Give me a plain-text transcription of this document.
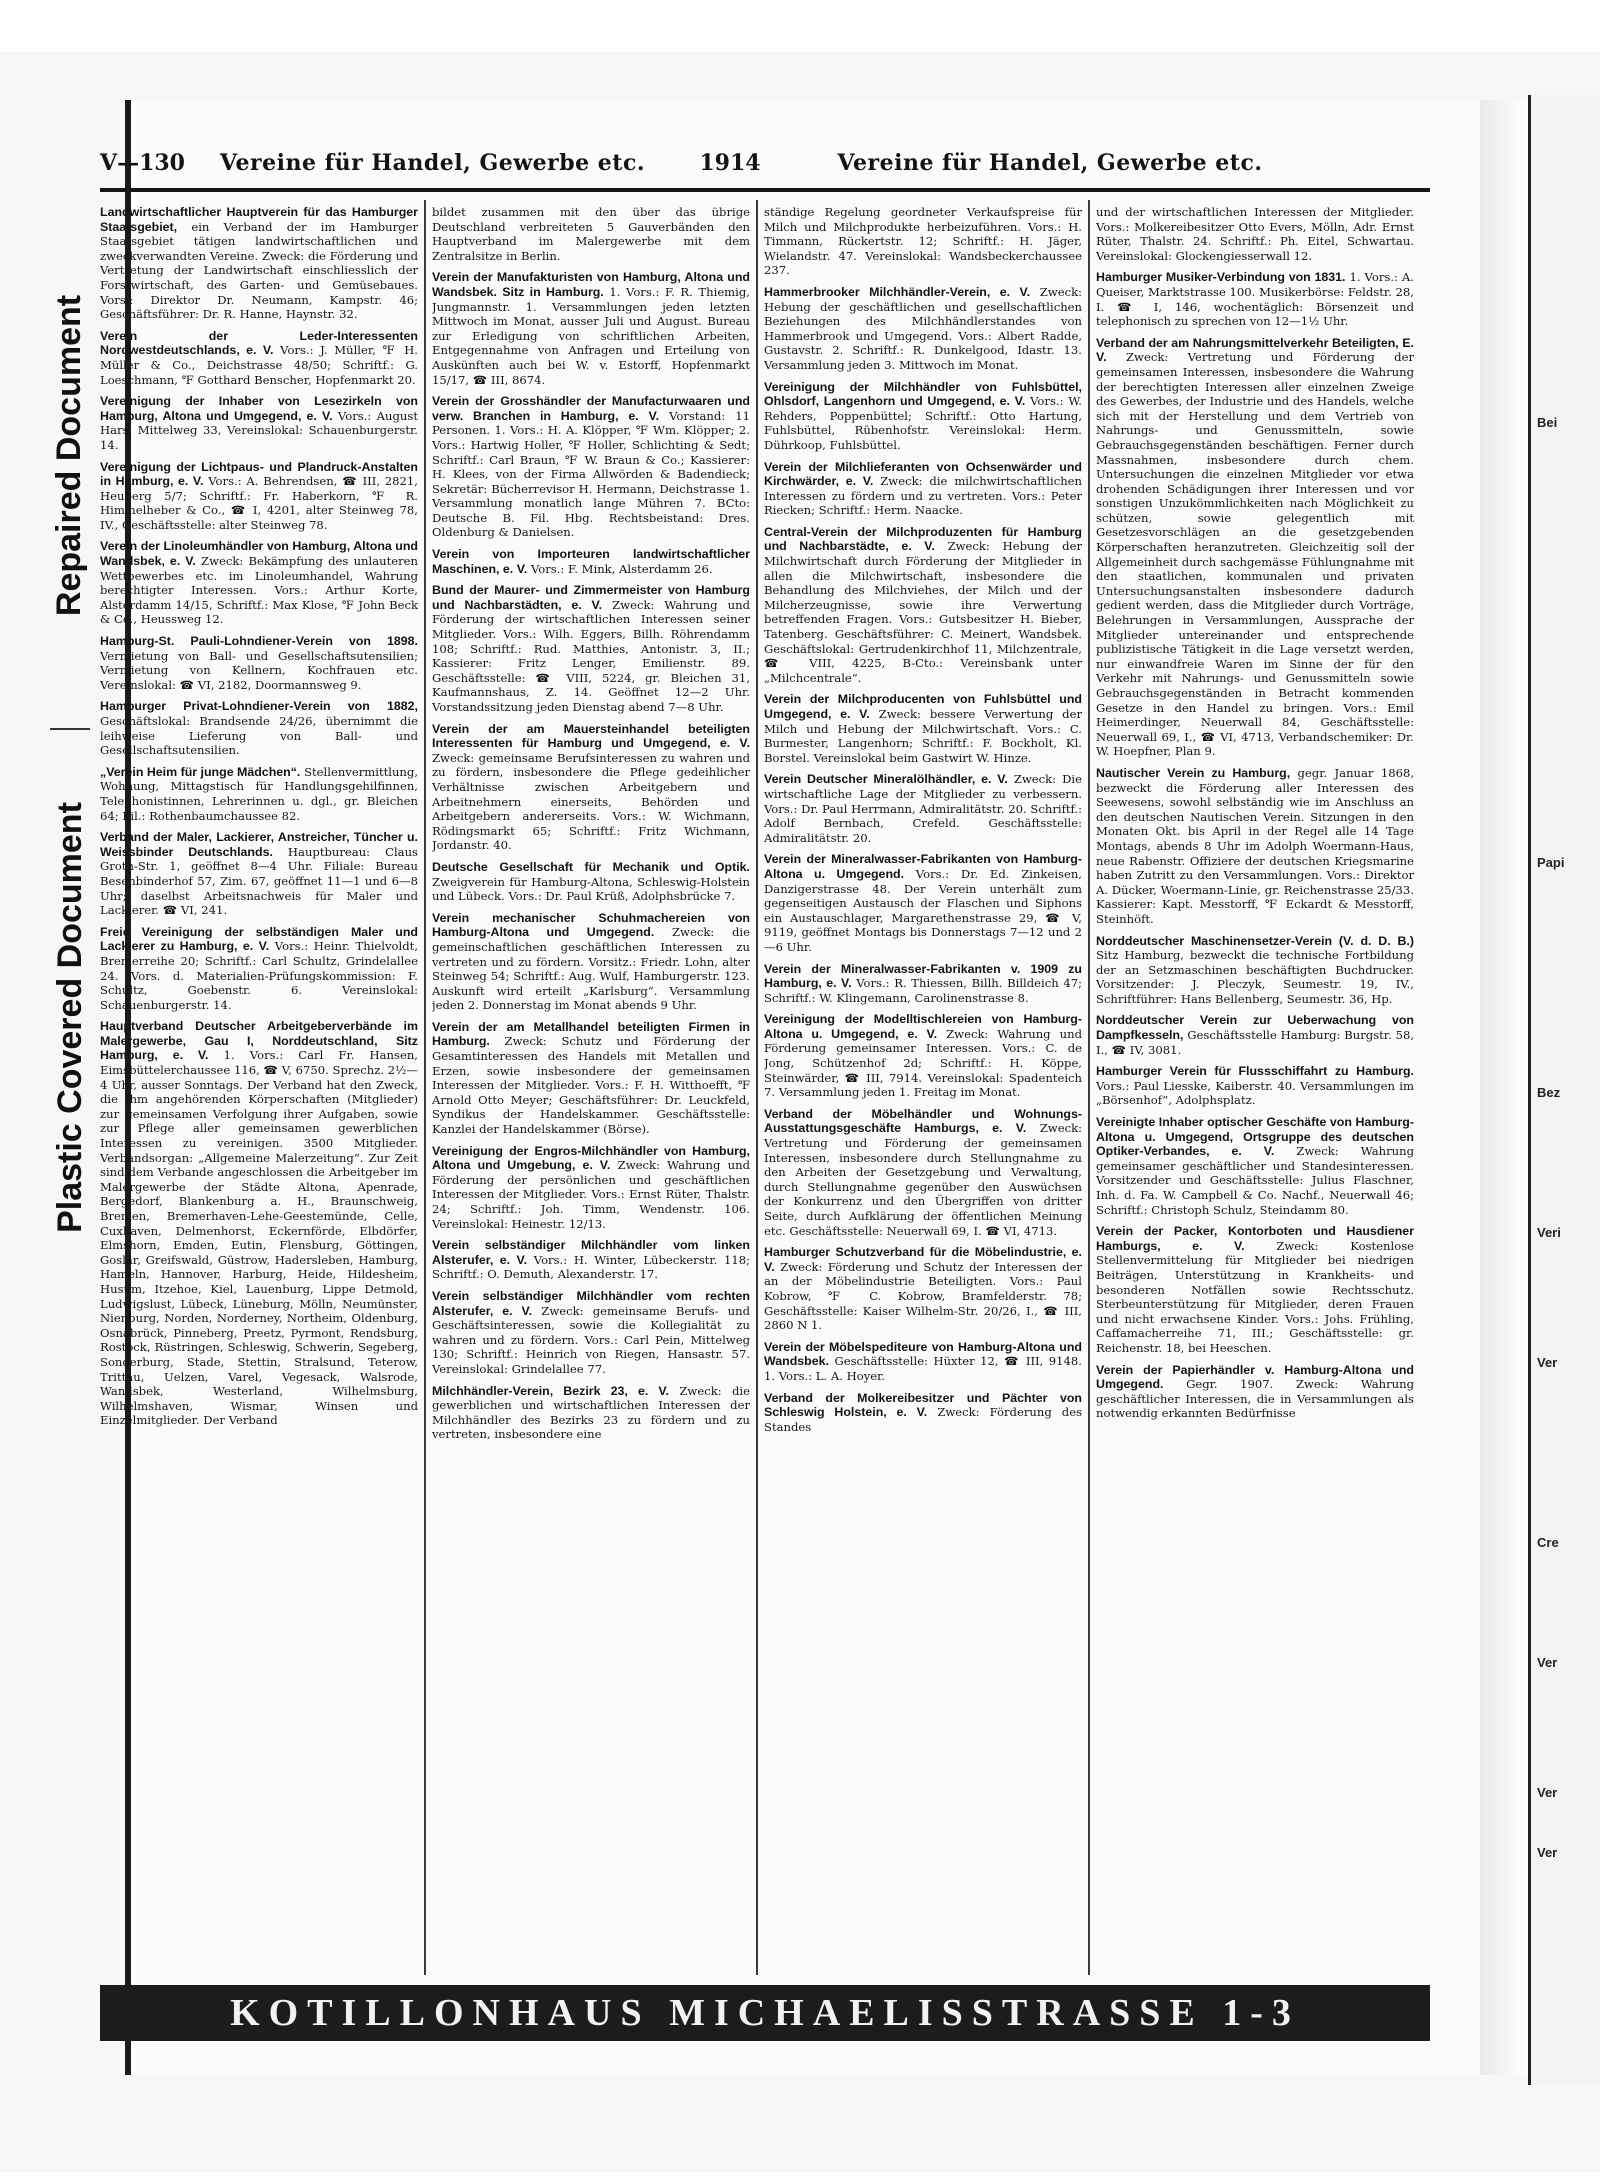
Repaired Document
Plastic Covered Document
Bei
Papi
Bez
Veri
Ver
Cre
Ver
Ver
Ver
V—130	Vereine für Handel, Gewerbe etc.	1914	Vereine für Handel, Gewerbe etc.

Landwirtschaftlicher Hauptverein für das Hamburger Staatsgebiet, ein Verband der im Hamburger Staatsgebiet tätigen landwirtschaftlichen und zweckverwandten Vereine. Zweck: die Förderung und Vertretung der Landwirtschaft einschliesslich der Forstwirtschaft, des Garten- und Gemüsebaues. Vors.: Direktor Dr. Neumann, Kampstr. 46; Geschäftsführer: Dr. R. Hanne, Haynstr. 32.

Verein der Leder-Interessenten Nordwestdeutschlands, e. V. Vors.: J. Müller, ℉ H. Müller & Co., Deichstrasse 48/50; Schriftf.: G. Loeschmann, ℉ Gotthard Benscher, Hopfenmarkt 20.

Vereinigung der Inhaber von Lesezirkeln von Hamburg, Altona und Umgegend, e. V. Vors.: August Hars, Mittelweg 33, Vereinslokal: Schauenburgerstr. 14.

Vereinigung der Lichtpaus- und Plandruck-Anstalten in Hamburg, e. V. Vors.: A. Behrendsen, ☎ III, 2821, Heuberg 5/7; Schriftf.: Fr. Haberkorn, ℉ R. Himmelheber & Co., ☎ I, 4201, alter Steinweg 78, IV., Geschäftsstelle: alter Steinweg 78.

Verein der Linoleumhändler von Hamburg, Altona und Wandsbek, e. V. Zweck: Bekämpfung des unlauteren Wettbewerbes etc. im Linoleumhandel, Wahrung berechtigter Interessen. Vors.: Arthur Korte, Alsterdamm 14/15, Schriftf.: Max Klose, ℉ John Beck & Co., Heussweg 12.

Hamburg-St. Pauli-Lohndiener-Verein von 1898. Vermietung von Ball- und Gesellschaftsutensilien; Vermietung von Kellnern, Kochfrauen etc. Vereinslokal: ☎ VI, 2182, Doormannsweg 9.

Hamburger Privat-Lohndiener-Verein von 1882, Geschäftslokal: Brandsende 24/26, übernimmt die leihweise Lieferung von Ball- und Gesellschaftsutensilien.

„Verein Heim für junge Mädchen“. Stellenvermittlung, Wohnung, Mittagstisch für Handlungsgehilfinnen, Telephonistinnen, Lehrerinnen u. dgl., gr. Bleichen 64; Fil.: Rothenbaumchaussee 82.

Verband der Maler, Lackierer, Anstreicher, Tüncher u. Weissbinder Deutschlands. Hauptbureau: Claus Groth-Str. 1, geöffnet 8—4 Uhr. Filiale: Bureau Besenbinderhof 57, Zim. 67, geöffnet 11—1 und 6—8 Uhr; daselbst Arbeitsnachweis für Maler und Lackierer. ☎ VI, 241.

Freie Vereinigung der selbständigen Maler und Lackierer zu Hamburg, e. V. Vors.: Heinr. Thielvoldt, Bremerreihe 20; Schriftf.: Carl Schultz, Grindelallee 24. Vors. d. Materialien-Prüfungskommission: F. Schultz, Goebenstr. 6. Vereinslokal: Schauenburgerstr. 14.

Hauptverband Deutscher Arbeitgeberverbände im Malergewerbe, Gau I, Norddeutschland, Sitz Hamburg, e. V. 1. Vors.: Carl Fr. Hansen, Eimsbüttelerchaussee 116, ☎ V, 6750. Sprechz. 2½—4 Uhr, ausser Sonntags. Der Verband hat den Zweck, die ihm angehörenden Körperschaften (Mitglieder) zur gemeinsamen Verfolgung ihrer Aufgaben, sowie zur Pflege aller gemeinsamen gewerblichen Interessen zu vereinigen. 3500 Mitglieder. Verbandsorgan: „Allgemeine Malerzeitung“. Zur Zeit sind dem Verbande angeschlossen die Arbeitgeber im Malergewerbe der Städte Altona, Apenrade, Bergedorf, Blankenburg a. H., Braunschweig, Bremen, Bremerhaven-Lehe-Geestemünde, Celle, Cuxhaven, Delmenhorst, Eckernförde, Elbdörfer, Elmshorn, Emden, Eutin, Flensburg, Göttingen, Goslar, Greifswald, Güstrow, Hadersleben, Hamburg, Hameln, Hannover, Harburg, Heide, Hildesheim, Husum, Itzehoe, Kiel, Lauenburg, Lippe Detmold, Ludwigslust, Lübeck, Lüneburg, Mölln, Neumünster, Nienburg, Norden, Norderney, Northeim, Oldenburg, Osnabrück, Pinneberg, Preetz, Pyrmont, Rendsburg, Rostock, Rüstringen, Schleswig, Schwerin, Segeberg, Sonderburg, Stade, Stettin, Stralsund, Teterow, Trittau, Uelzen, Varel, Vegesack, Walsrode, Wandsbek, Westerland, Wilhelmsburg, Wilhelmshaven, Wismar, Winsen und Einzelmitglieder. Der Verband

bildet zusammen mit den über das übrige Deutschland verbreiteten 5 Gauverbänden den Hauptverband im Malergewerbe mit dem Zentralsitze in Berlin.

Verein der Manufakturisten von Hamburg, Altona und Wandsbek. Sitz in Hamburg. 1. Vors.: F. R. Thiemig, Jungmannstr. 1. Versammlungen jeden letzten Mittwoch im Monat, ausser Juli und August. Bureau zur Erledigung von schriftlichen Arbeiten, Entgegennahme von Anfragen und Erteilung von Auskünften auch bei W. v. Estorff, Hopfenmarkt 15/17, ☎ III, 8674.

Verein der Grosshändler der Manufacturwaaren und verw. Branchen in Hamburg, e. V. Vorstand: 11 Personen. 1. Vors.: H. A. Klöpper, ℉ Wm. Klöpper; 2. Vors.: Hartwig Holler, ℉ Holler, Schlichting & Sedt; Schriftf.: Carl Braun, ℉ W. Braun & Co.; Kassierer: H. Klees, von der Firma Allwörden & Badendieck; Sekretär: Bücherrevisor H. Hermann, Deichstrasse 1. Versammlung monatlich lange Mühren 7. BCto: Deutsche B. Fil. Hbg. Rechtsbeistand: Dres. Oldenburg & Danielsen.

Verein von Importeuren landwirtschaftlicher Maschinen, e. V. Vors.: F. Mink, Alsterdamm 26.

Bund der Maurer- und Zimmermeister von Hamburg und Nachbarstädten, e. V. Zweck: Wahrung und Förderung der wirtschaftlichen Interessen seiner Mitglieder. Vors.: Wilh. Eggers, Billh. Röhrendamm 108; Schriftf.: Rud. Matthies, Antonistr. 3, II.; Kassierer: Fritz Lenger, Emilienstr. 89. Geschäftsstelle: ☎ VIII, 5224, gr. Bleichen 31, Kaufmannshaus, Z. 14. Geöffnet 12—2 Uhr. Vorstandssitzung jeden Dienstag abend 7—8 Uhr.

Verein der am Mauersteinhandel beteiligten Interessenten für Hamburg und Umgegend, e. V. Zweck: gemeinsame Berufsinteressen zu wahren und zu fördern, insbesondere die Pflege gedeihlicher Verhältnisse zwischen Arbeitgebern und Arbeitnehmern einerseits, Behörden und Arbeitgebern andererseits. Vors.: W. Wichmann, Rödingsmarkt 65; Schriftf.: Fritz Wichmann, Jordanstr. 40.

Deutsche Gesellschaft für Mechanik und Optik. Zweigverein für Hamburg-Altona, Schleswig-Holstein und Lübeck. Vors.: Dr. Paul Krüß, Adolphsbrücke 7.

Verein mechanischer Schuhmachereien von Hamburg-Altona und Umgegend. Zweck: die gemeinschaftlichen geschäftlichen Interessen zu vertreten und zu fördern. Vorsitz.: Friedr. Lohn, alter Steinweg 54; Schriftf.: Aug. Wulf, Hamburgerstr. 123. Auskunft wird erteilt „Karlsburg“. Versammlung jeden 2. Donnerstag im Monat abends 9 Uhr.

Verein der am Metallhandel beteiligten Firmen in Hamburg. Zweck: Schutz und Förderung der Gesamtinteressen des Handels mit Metallen und Erzen, sowie insbesondere der gemeinsamen Interessen der Mitglieder. Vors.: F. H. Witthoefft, ℉ Arnold Otto Meyer; Geschäftsführer: Dr. Leuckfeld, Syndikus der Handelskammer. Geschäftsstelle: Kanzlei der Handelskammer (Börse).

Vereinigung der Engros-Milchhändler von Hamburg, Altona und Umgebung, e. V. Zweck: Wahrung und Förderung der persönlichen und geschäftlichen Interessen der Mitglieder. Vors.: Ernst Rüter, Thalstr. 24; Schriftf.: Joh. Timm, Wendenstr. 106. Vereinslokal: Heinestr. 12/13.

Verein selbständiger Milchhändler vom linken Alsterufer, e. V. Vors.: H. Winter, Lübeckerstr. 118; Schriftf.: O. Demuth, Alexanderstr. 17.

Verein selbständiger Milchhändler vom rechten Alsterufer, e. V. Zweck: gemeinsame Berufs- und Geschäftsinteressen, sowie die Kollegialität zu wahren und zu fördern. Vors.: Carl Pein, Mittelweg 130; Schriftf.: Heinrich von Riegen, Hansastr. 57. Vereinslokal: Grindelallee 77.

Milchhändler-Verein, Bezirk 23, e. V. Zweck: die gewerblichen und wirtschaftlichen Interessen der Milchhändler des Bezirks 23 zu fördern und zu vertreten, insbesondere eine

ständige Regelung geordneter Verkaufspreise für Milch und Milchprodukte herbeizuführen. Vors.: H. Timmann, Rückertstr. 12; Schriftf.: H. Jäger, Wielandstr. 47. Vereinslokal: Wandsbeckerchaussee 237.

Hammerbrooker Milchhändler-Verein, e. V. Zweck: Hebung der geschäftlichen und gesellschaftlichen Beziehungen des Milchhändlerstandes von Hammerbrook und Umgegend. Vors.: Albert Radde, Gustavstr. 2. Schriftf.: R. Dunkelgood, Idastr. 13. Versammlung jeden 3. Mittwoch im Monat.

Vereinigung der Milchhändler von Fuhlsbüttel, Ohlsdorf, Langenhorn und Umgegend, e. V. Vors.: W. Rehders, Poppenbüttel; Schriftf.: Otto Hartung, Fuhlsbüttel, Rübenhofstr. Vereinslokal: Herm. Dührkoop, Fuhlsbüttel.

Verein der Milchlieferanten von Ochsenwärder und Kirchwärder, e. V. Zweck: die milchwirtschaftlichen Interessen zu fördern und zu vertreten. Vors.: Peter Riecken; Schriftf.: Herm. Naacke.

Central-Verein der Milchproduzenten für Hamburg und Nachbarstädte, e. V. Zweck: Hebung der Milchwirtschaft durch Förderung der Mitglieder in allen die Milchwirtschaft, insbesondere die Behandlung des Milchviehes, der Milch und der Milcherzeugnisse, sowie ihre Verwertung betreffenden Fragen. Vors.: Gutsbesitzer H. Bieber, Tatenberg. Geschäftsführer: C. Meinert, Wandsbek. Geschäftslokal: Gertrudenkirchhof 11, Milchzentrale, ☎ VIII, 4225, B-Cto.: Vereinsbank unter „Milchcentrale“.

Verein der Milchproducenten von Fuhlsbüttel und Umgegend, e. V. Zweck: bessere Verwertung der Milch und Hebung der Milchwirtschaft. Vors.: C. Burmester, Langenhorn; Schriftf.: F. Bockholt, Kl. Borstel. Vereinslokal beim Gastwirt W. Hinze.

Verein Deutscher Mineralölhändler, e. V. Zweck: Die wirtschaftliche Lage der Mitglieder zu verbessern. Vors.: Dr. Paul Herrmann, Admiralitätstr. 20. Schriftf.: Adolf Bernbach, Crefeld. Geschäftsstelle: Admiralitätstr. 20.

Verein der Mineralwasser-Fabrikanten von Hamburg-Altona u. Umgegend. Vors.: Dr. Ed. Zinkeisen, Danzigerstrasse 48. Der Verein unterhält zum gegenseitigen Austausch der Flaschen und Siphons ein Austauschlager, Margarethenstrasse 29, ☎ V, 9119, geöffnet Montags bis Donnerstags 7—12 und 2—6 Uhr.

Verein der Mineralwasser-Fabrikanten v. 1909 zu Hamburg, e. V. Vors.: R. Thiessen, Billh. Billdeich 47; Schriftf.: W. Klingemann, Carolinenstrasse 8.

Vereinigung der Modelltischlereien von Hamburg-Altona u. Umgegend, e. V. Zweck: Wahrung und Förderung gemeinsamer Interessen. Vors.: C. de Jong, Schützenhof 2d; Schriftf.: H. Köppe, Steinwärder, ☎ III, 7914. Vereinslokal: Spadenteich 7. Versammlung jeden 1. Freitag im Monat.

Verband der Möbelhändler und Wohnungs-Ausstattungsgeschäfte Hamburgs, e. V. Zweck: Vertretung und Förderung der gemeinsamen Interessen, insbesondere durch Stellungnahme zu den Arbeiten der Gesetzgebung und Verwaltung, durch Stellungnahme gegenüber den Auswüchsen der Konkurrenz und den Übergriffen von dritter Seite, durch Aufklärung der öffentlichen Meinung etc. Geschäftsstelle: Neuerwall 69, I. ☎ VI, 4713.

Hamburger Schutzverband für die Möbelindustrie, e. V. Zweck: Förderung und Schutz der Interessen der an der Möbelindustrie Beteiligten. Vors.: Paul Kobrow, ℉ C. Kobrow, Bramfelderstr. 78; Geschäftsstelle: Kaiser Wilhelm-Str. 20/26, I., ☎ III, 2860 N 1.

Verein der Möbelspediteure von Hamburg-Altona und Wandsbek. Geschäftsstelle: Hüxter 12, ☎ III, 9148. 1. Vors.: L. A. Hoyer.

Verband der Molkereibesitzer und Pächter von Schleswig Holstein, e. V. Zweck: Förderung des Standes

und der wirtschaftlichen Interessen der Mitglieder. Vors.: Molkereibesitzer Otto Evers, Mölln, Adr. Ernst Rüter, Thalstr. 24. Schriftf.: Ph. Eitel, Schwartau. Vereinslokal: Glockengiesserwall 12.

Hamburger Musiker-Verbindung von 1831. 1. Vors.: A. Queiser, Marktstrasse 100. Musikerbörse: Feldstr. 28, I. ☎ I, 146, wochentäglich: Börsenzeit und telephonisch zu sprechen von 12—1½ Uhr.

Verband der am Nahrungsmittelverkehr Beteiligten, E. V. Zweck: Vertretung und Förderung der gemeinsamen Interessen, insbesondere die Wahrung der berechtigten Interessen aller einzelnen Zweige des Gewerbes, der Industrie und des Handels, welche sich mit der Herstellung und dem Vertrieb von Nahrungs- und Genussmitteln, sowie Gebrauchsgegenständen beschäftigen. Ferner durch Massnahmen, insbesondere durch chem. Untersuchungen die einzelnen Mitglieder vor etwa drohenden Schädigungen ihrer Interessen und vor sonstigen Unzukömmlichkeiten nach Möglichkeit zu schützen, sowie gelegentlich mit Gesetzesvorschlägen an die gesetzgebenden Körperschaften heranzutreten. Gleichzeitig soll der Allgemeinheit durch sachgemässe Fühlungnahme mit den staatlichen, kommunalen und privaten Untersuchungsanstalten insbesondere dadurch gedient werden, dass die Mitglieder durch Vorträge, Belehrungen in Versammlungen, Aussprache der Mitglieder untereinander und entsprechende publizistische Tätigkeit in die Lage versetzt werden, nur einwandfreie Waren im Sinne der für den Verkehr mit Nahrungs- und Genussmitteln sowie Gebrauchsgegenständen in Betracht kommenden Gesetze in den Handel zu bringen. Vors.: Emil Heimerdinger, Neuerwall 84, Geschäftsstelle: Neuerwall 69, I., ☎ VI, 4713, Verbandschemiker: Dr. W. Hoepfner, Plan 9.

Nautischer Verein zu Hamburg, gegr. Januar 1868, bezweckt die Förderung aller Interessen des Seewesens, sowohl selbständig wie im Anschluss an den deutschen Nautischen Verein. Sitzungen in den Monaten Okt. bis April in der Regel alle 14 Tage Montags, abends 8 Uhr im Adolph Woermann-Haus, neue Rabenstr. Offiziere der deutschen Kriegsmarine haben Zutritt zu den Versammlungen. Vors.: Direktor A. Dücker, Woermann-Linie, gr. Reichenstrasse 25/33. Kassierer: Kapt. Messtorff, ℉ Eckardt & Messtorff, Steinhöft.

Norddeutscher Maschinensetzer-Verein (V. d. D. B.) Sitz Hamburg, bezweckt die technische Fortbildung der an Setzmaschinen beschäftigten Buchdrucker. Vorsitzender: J. Pleczyk, Seumestr. 19, IV., Schriftführer: Hans Bellenberg, Seumestr. 36, Hp.

Norddeutscher Verein zur Ueberwachung von Dampfkesseln, Geschäftsstelle Hamburg: Burgstr. 58, I., ☎ IV, 3081.

Hamburger Verein für Flussschiffahrt zu Hamburg. Vors.: Paul Liesske, Kaiberstr. 40. Versammlungen im „Börsenhof“, Adolphsplatz.

Vereinigte Inhaber optischer Geschäfte von Hamburg-Altona u. Umgegend, Ortsgruppe des deutschen Optiker-Verbandes, e. V. Zweck: Wahrung gemeinsamer geschäftlicher und Standesinteressen. Vorsitzender und Geschäftsstelle: Julius Flaschner, Inh. d. Fa. W. Campbell & Co. Nachf., Neuerwall 46; Schriftf.: Christoph Schulz, Steindamm 80.

Verein der Packer, Kontorboten und Hausdiener Hamburgs, e. V.	Zweck: Kostenlose Stellenvermittelung für Mitglieder bei niedrigen Beiträgen, Unterstützung in Krankheits- und besonderen Notfällen sowie Rechtsschutz. Sterbeunterstützung für Mitglieder, deren Frauen und nicht erwachsene Kinder. Vors.: Johs. Frühling, Caffamacherreihe 71, III.; Geschäftsstelle: gr. Reichenstr. 18, bei Heeschen.

Verein der Papierhändler v. Hamburg-Altona und Umgegend. Gegr. 1907. Zweck: Wahrung geschäftlicher Interessen, die in Versammlungen als notwendig erkannten Bedürfnisse

KOTILLONHAUS MICHAELISSTRASSE 1-3
